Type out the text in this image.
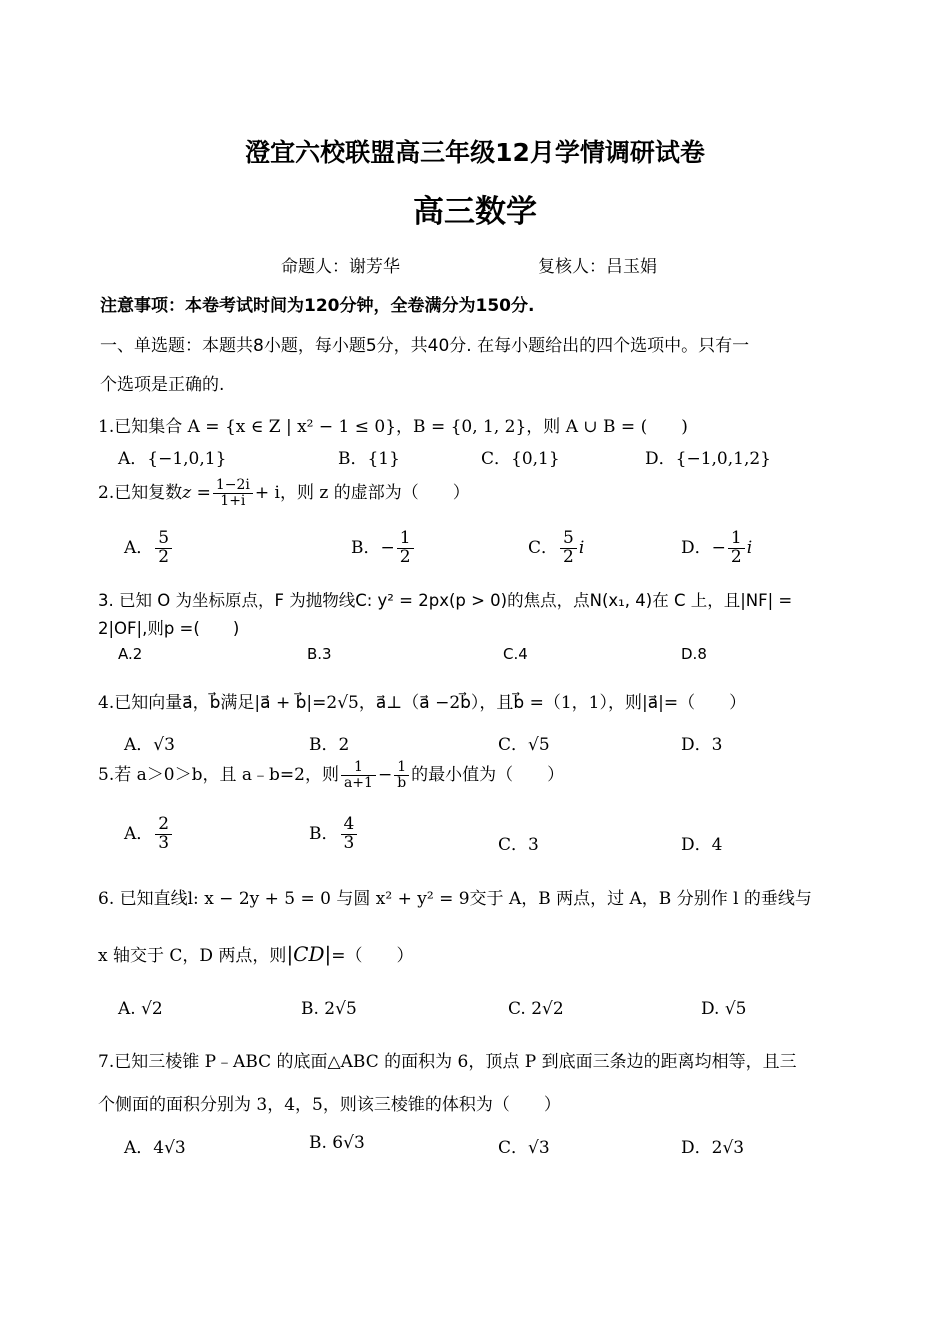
澄宜六校联盟高三年级12月学情调研试卷
高三数学
命题人：谢芳华	复核人：吕玉娟
注意事项：本卷考试时间为120分钟，全卷满分为150分.
一、单选题：本题共8小题，每小题5分，共40分. 在每小题给出的四个选项中。只有一
个选项是正确的.
1.已知集合 A = {x ∈ Z | x² − 1 ≤ 0}，B = {0, 1, 2}，则 A ∪ B = (　　)
A．{−1,0,1}	B．{1}	C．{0,1}	D．{−1,0,1,2}
2.已知复数$z = \frac{1-2i}{1+i} + i$，则 z 的虚部为（　　）
A． $\frac{5}{2}$	B．− $\frac{1}{2}$	C． $\frac{5}{2}$ i	D．− $\frac{1}{2}$ i
3. 已知 O 为坐标原点，F 为抛物线C: y² = 2px(p > 0)的焦点，点N(x₁, 4)在 C 上，且|NF| =
2|OF|,则p =(　　)
A.2	B.3	C.4	D.8
4.已知向量a⃗，b⃗满足|a⃗ + b⃗|=2√5，a⃗⊥（a⃗ −2b⃗），且b⃗ =（1，1），则|a⃗|=（　　）
A．√3	B．2	C．√5	D．3
5.若 a＞0＞b，且 a﹣b=2，则 $\frac{1}{a+1} - \frac{1}{b}$ 的最小值为（　　）
A． $\frac{2}{3}$	B． $\frac{4}{3}$	C．3	D．4
6. 已知直线l: x − 2y + 5 = 0 与圆 x² + y² = 9交于 A，B 两点，过 A，B 分别作 l 的垂线与
x 轴交于 C，D 两点，则|CD|=（　　）
A. √2	B. 2√5	C. 2√2	D. √5
7.已知三棱锥 P﹣ABC 的底面△ABC 的面积为 6，顶点 P 到底面三条边的距离均相等，且三
个侧面的面积分别为 3，4，5，则该三棱锥的体积为（　　）
A．4√3	B. 6√3	C．√3	D．2√3
